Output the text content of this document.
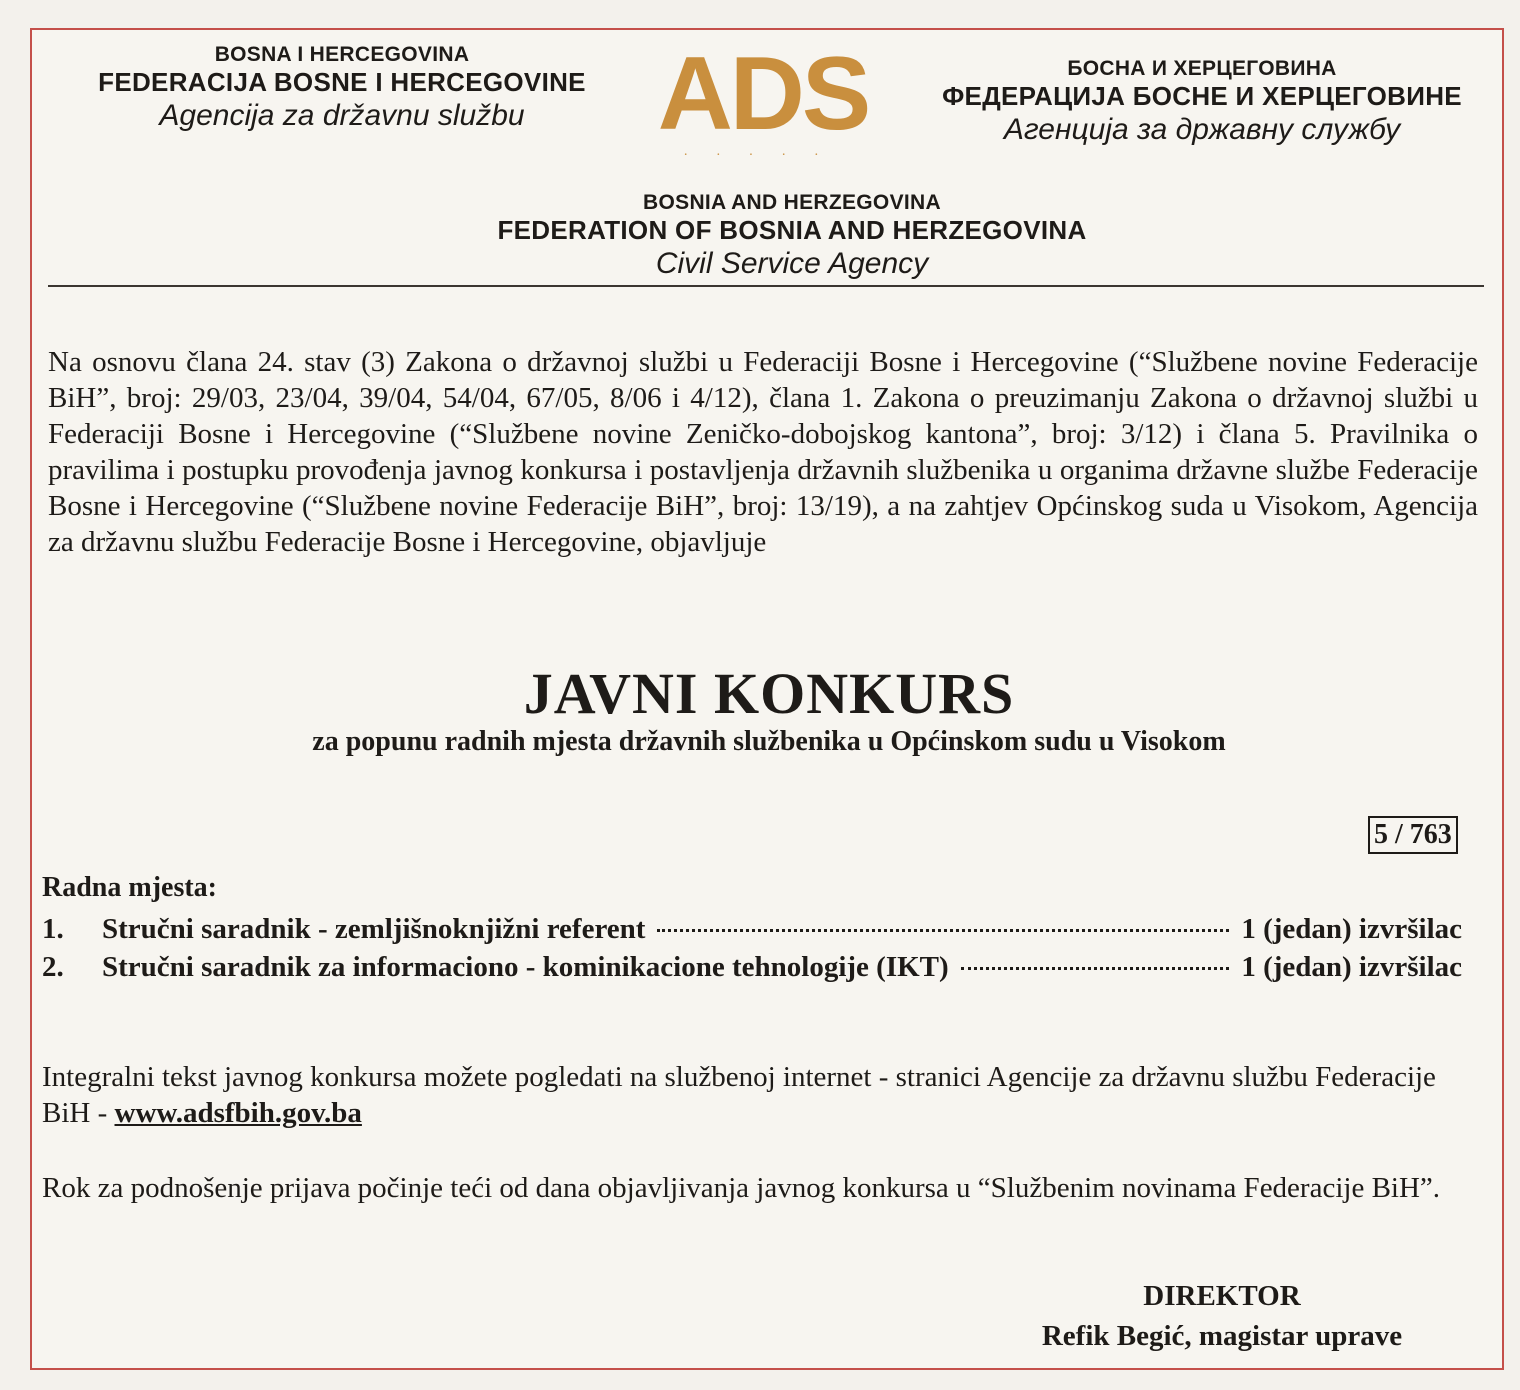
BOSNA I HERCEGOVINA
FEDERACIJA BOSNE I HERCEGOVINE
Agencija za državnu službu	ADS
·····
БОСНА И ХЕРЦЕГОВИНА
ФЕДЕРАЦИЈА БОСНЕ И ХЕРЦЕГОВИНЕ
Агенција за државну службу
BOSNIA AND HERZEGOVINA
FEDERATION OF BOSNIA AND HERZEGOVINA
Civil Service Agency

Na osnovu člana 24. stav (3) Zakona o državnoj službi u Federaciji Bosne i Hercegovine (“Službene novine Federacije BiH”, broj: 29/03, 23/04, 39/04, 54/04, 67/05, 8/06 i 4/12), člana 1. Zakona o preuzimanju Zakona o državnoj službi u Federaciji Bosne i Hercegovine (“Službene novine Zeničko-dobojskog kantona”, broj: 3/12) i člana 5. Pravilnika o pravilima i postupku provođenja javnog konkursa i postavljenja državnih službenika u organima državne službe Federacije Bosne i Hercegovine (“Službene novine Federacije BiH”, broj: 13/19), a na zahtjev Općinskog suda u Visokom, Agencija za državnu službu Federacije Bosne i Hercegovine, objavljuje

JAVNI KONKURS
za popunu radnih mjesta državnih službenika u Općinskom sudu u Visokom
5 / 763
Radna mjesta:
1.	Stručni saradnik - zemljišnoknjižni referent	1 (jedan) izvršilac
2.	Stručni saradnik za informaciono - kominikacione tehnologije (IKT)	1 (jedan) izvršilac

Integralni tekst javnog konkursa možete pogledati na službenoj internet - stranici Agencije za državnu službu Federacije BiH - www.adsfbih.gov.ba

Rok za podnošenje prijava počinje teći od dana objavljivanja javnog konkursa u “Službenim novinama Federacije BiH”.

DIREKTOR
Refik Begić, magistar uprave
